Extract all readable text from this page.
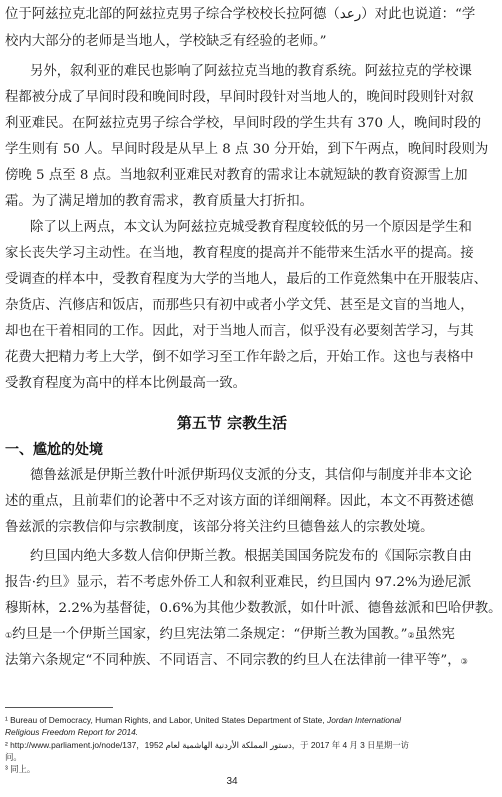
位于阿兹拉克北部的阿兹拉克男子综合学校校长拉阿德（رعد）对此也说道：“学
校内大部分的老师是当地人，学校缺乏有经验的老师。”
另外，叙利亚的难民也影响了阿兹拉克当地的教育系统。阿兹拉克的学校课
程都被分成了早间时段和晚间时段，早间时段针对当地人的，晚间时段则针对叙
利亚难民。在阿兹拉克男子综合学校，早间时段的学生共有 370 人，晚间时段的
学生则有 50 人。早间时段是从早上 8 点 30 分开始，到下午两点，晚间时段则为
傍晚 5 点至 8 点。当地叙利亚难民对教育的需求让本就短缺的教育资源雪上加
霜。为了满足增加的教育需求，教育质量大打折扣。
除了以上两点，本文认为阿兹拉克城受教育程度较低的另一个原因是学生和
家长丧失学习主动性。在当地，教育程度的提高并不能带来生活水平的提高。接
受调查的样本中，受教育程度为大学的当地人，最后的工作竟然集中在开服装店、
杂货店、汽修店和饭店，而那些只有初中或者小学文凭、甚至是文盲的当地人，
却也在干着相同的工作。因此，对于当地人而言，似乎没有必要刻苦学习，与其
花费大把精力考上大学，倒不如学习至工作年龄之后，开始工作。这也与表格中
受教育程度为高中的样本比例最高一致。
第五节 宗教生活
一、尴尬的处境
德鲁兹派是伊斯兰教什叶派伊斯玛仪支派的分支，其信仰与制度并非本文论
述的重点，且前辈们的论著中不乏对该方面的详细阐释。因此，本文不再赘述德
鲁兹派的宗教信仰与宗教制度，该部分将关注约旦德鲁兹人的宗教处境。
约旦国内绝大多数人信仰伊斯兰教。根据美国国务院发布的《国际宗教自由
报告·约旦》显示，若不考虑外侨工人和叙利亚难民，约旦国内 97.2%为逊尼派
穆斯林，2.2%为基督徒，0.6%为其他少数教派，如什叶派、德鲁兹派和巴哈伊教。
①约旦是一个伊斯兰国家，约旦宪法第二条规定：“伊斯兰教为国教。”②虽然宪
法第六条规定“不同种族、不同语言、不同宗教的约旦人在法律前一律平等”，③
¹ Bureau of Democracy, Human Rights, and Labor, United States Department of State, Jordan International
Religious Freedom Report for 2014.
² http://www.parliament.jo/node/137，1952 دستور المملكة الأردنية الهاشمية لعام，于 2017 年 4 月 3 日星期一访
问。
³ 同上。
34
